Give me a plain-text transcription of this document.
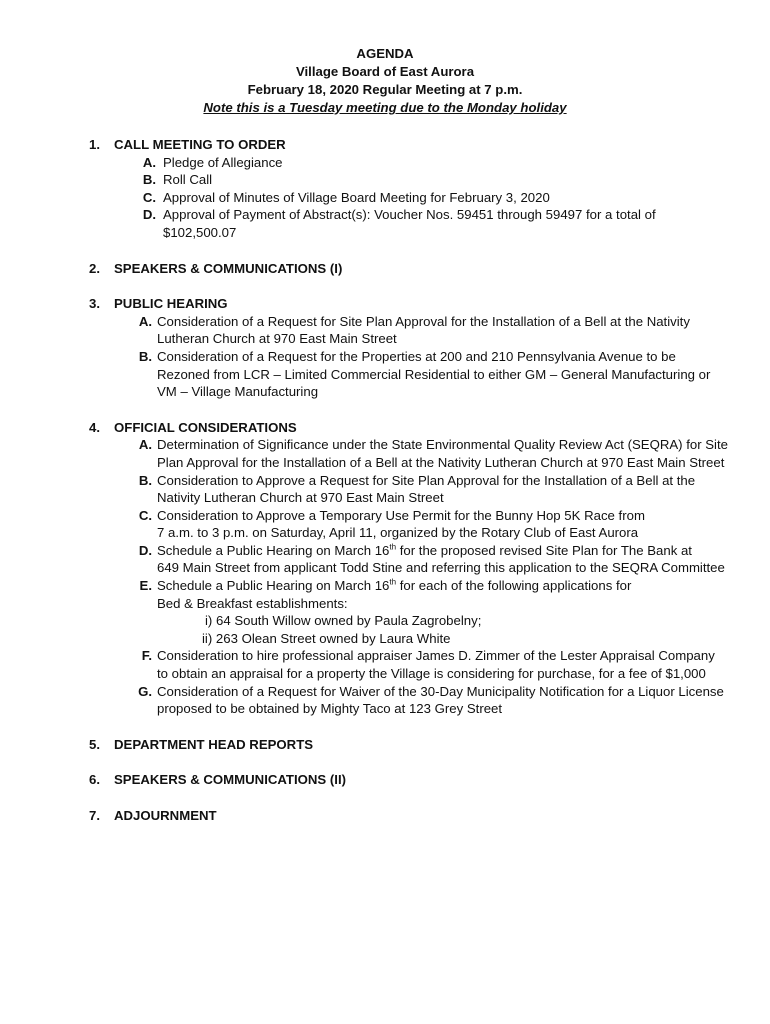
AGENDA
Village Board of East Aurora
February 18, 2020 Regular Meeting at 7 p.m.
Note this is a Tuesday meeting due to the Monday holiday
1.	CALL MEETING TO ORDER
A. Pledge of Allegiance
B. Roll Call
C. Approval of Minutes of Village Board Meeting for February 3, 2020
D. Approval of Payment of Abstract(s): Voucher Nos. 59451 through 59497 for a total of $102,500.07
2.	SPEAKERS & COMMUNICATIONS (I)
3.	PUBLIC HEARING
A. Consideration of a Request for Site Plan Approval for the Installation of a Bell at the Nativity Lutheran Church at 970 East Main Street
B. Consideration of a Request for the Properties at 200 and 210 Pennsylvania Avenue to be Rezoned from LCR – Limited Commercial Residential to either GM – General Manufacturing or VM – Village Manufacturing
4.	OFFICIAL CONSIDERATIONS
A. Determination of Significance under the State Environmental Quality Review Act (SEQRA) for Site Plan Approval for the Installation of a Bell at the Nativity Lutheran Church at 970 East Main Street
B. Consideration to Approve a Request for Site Plan Approval for the Installation of a Bell at the Nativity Lutheran Church at 970 East Main Street
C. Consideration to Approve a Temporary Use Permit for the Bunny Hop 5K Race from
7 a.m. to 3 p.m. on Saturday, April 11, organized by the Rotary Club of East Aurora
D. Schedule a Public Hearing on March 16th for the proposed revised Site Plan for The Bank at
649 Main Street from applicant Todd Stine and referring this application to the SEQRA Committee
E. Schedule a Public Hearing on March 16th for each of the following applications for
Bed & Breakfast establishments:
i) 64 South Willow owned by Paula Zagrobelny;
ii) 263 Olean Street owned by Laura White
F. Consideration to hire professional appraiser James D. Zimmer of the Lester Appraisal Company to obtain an appraisal for a property the Village is considering for purchase, for a fee of $1,000
G. Consideration of a Request for Waiver of the 30-Day Municipality Notification for a Liquor License proposed to be obtained by Mighty Taco at 123 Grey Street
5.	DEPARTMENT HEAD REPORTS
6.	SPEAKERS & COMMUNICATIONS (II)
7.	ADJOURNMENT
